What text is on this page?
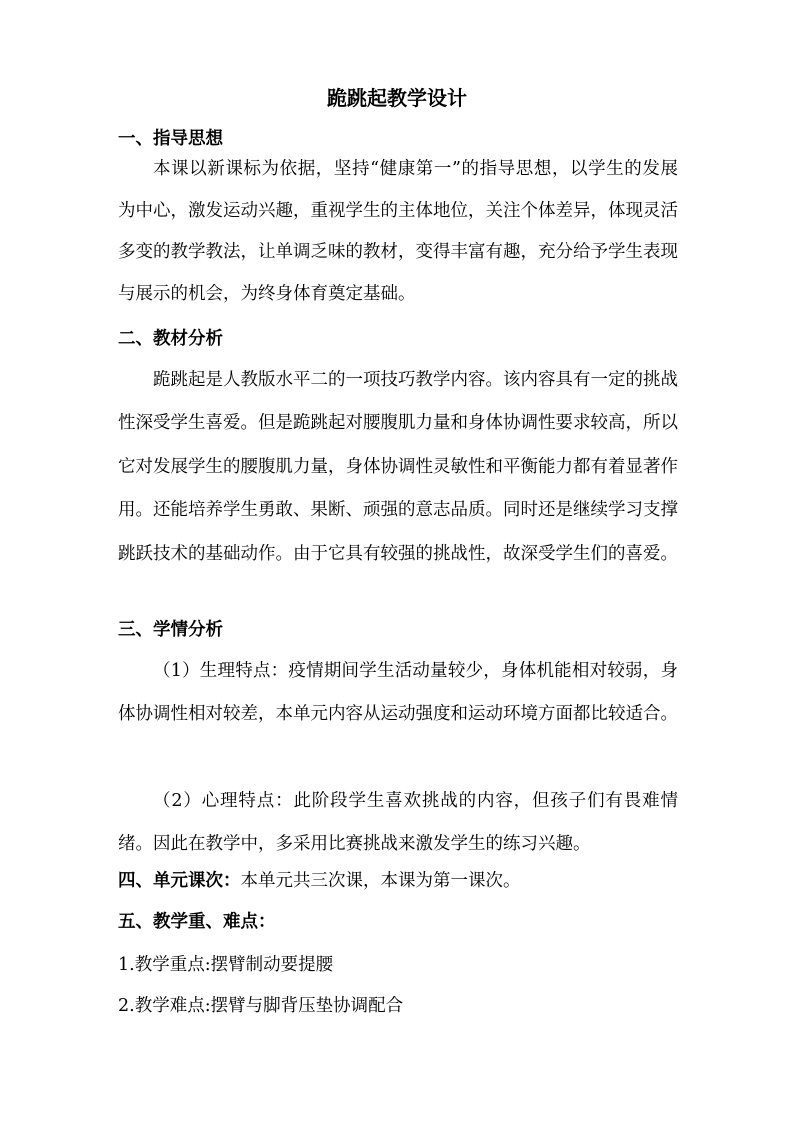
跪跳起教学设计
一、指导思想
本课以新课标为依据，坚持“健康第一”的指导思想，以学生的发展为中心，激发运动兴趣，重视学生的主体地位，关注个体差异，体现灵活多变的教学教法，让单调乏味的教材，变得丰富有趣，充分给予学生表现与展示的机会，为终身体育奠定基础。
二、教材分析
跪跳起是人教版水平二的一项技巧教学内容。该内容具有一定的挑战性深受学生喜爱。但是跪跳起对腰腹肌力量和身体协调性要求较高，所以它对发展学生的腰腹肌力量，身体协调性灵敏性和平衡能力都有着显著作用。还能培养学生勇敢、果断、顽强的意志品质。同时还是继续学习支撑跳跃技术的基础动作。由于它具有较强的挑战性，故深受学生们的喜爱。
三、学情分析
（1）生理特点：疫情期间学生活动量较少，身体机能相对较弱，身体协调性相对较差，本单元内容从运动强度和运动环境方面都比较适合。
（2）心理特点：此阶段学生喜欢挑战的内容，但孩子们有畏难情绪。因此在教学中，多采用比赛挑战来激发学生的练习兴趣。
四、单元课次：本单元共三次课，本课为第一课次。
五、教学重、难点：
1.教学重点:摆臂制动要提腰
2.教学难点:摆臂与脚背压垫协调配合
